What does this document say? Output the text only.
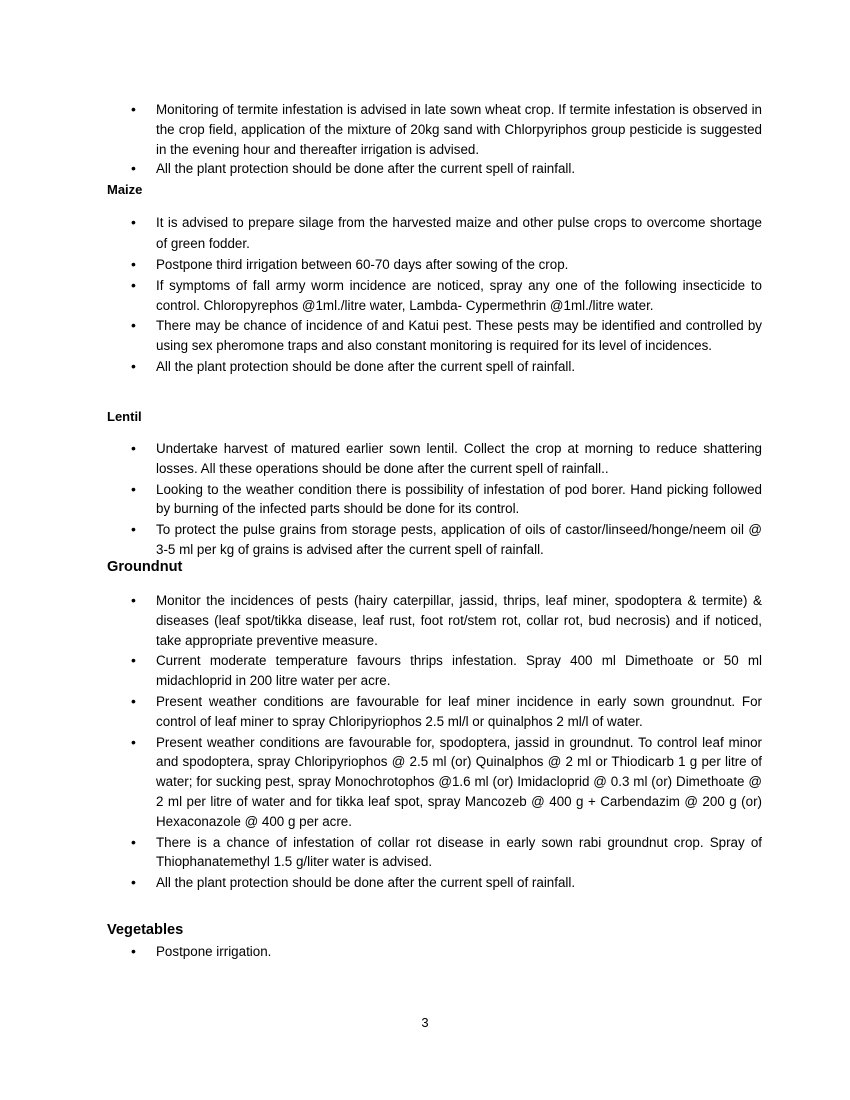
• Monitoring of termite infestation is advised in late sown wheat crop. If termite infestation is observed in the crop field, application of the mixture of 20kg sand with Chlorpyriphos group pesticide is suggested in the evening hour and thereafter irrigation is advised.
• All the plant protection should be done after the current spell of rainfall.
Maize
• It is advised to prepare silage from the harvested maize and other pulse crops to overcome shortage of green fodder.
• Postpone third irrigation between 60-70 days after sowing of the crop.
• If symptoms of fall army worm incidence are noticed, spray any one of the following insecticide to control. Chloropyrephos @1ml./litre water, Lambda- Cypermethrin @1ml./litre water.
• There may be chance of incidence of and Katui pest. These pests may be identified and controlled by using sex pheromone traps and also constant monitoring is required for its level of incidences.
• All the plant protection should be done after the current spell of rainfall.
Lentil
• Undertake harvest of matured earlier sown lentil. Collect the crop at morning to reduce shattering losses. All these operations should be done after the current spell of rainfall..
• Looking to the weather condition there is possibility of infestation of pod borer. Hand picking followed by burning of the infected parts should be done for its control.
• To protect the pulse grains from storage pests, application of oils of castor/linseed/honge/neem oil @ 3-5 ml per kg of grains is advised after the current spell of rainfall.
Groundnut
• Monitor the incidences of pests (hairy caterpillar, jassid, thrips, leaf miner, spodoptera & termite) & diseases (leaf spot/tikka disease, leaf rust, foot rot/stem rot, collar rot, bud necrosis) and if noticed, take appropriate preventive measure.
• Current moderate temperature favours thrips infestation. Spray 400 ml Dimethoate or 50 ml midachloprid in 200 litre water per acre.
• Present weather conditions are favourable for leaf miner incidence in early sown groundnut. For control of leaf miner to spray Chloripyriophos 2.5 ml/l or quinalphos 2 ml/l of water.
• Present weather conditions are favourable for, spodoptera, jassid in groundnut. To control leaf minor and spodoptera, spray Chloripyriophos @ 2.5 ml (or) Quinalphos @ 2 ml or Thiodicarb 1 g per litre of water; for sucking pest, spray Monochrotophos @1.6 ml (or) Imidacloprid @ 0.3 ml (or) Dimethoate @ 2 ml per litre of water and for tikka leaf spot, spray Mancozeb @ 400 g + Carbendazim @ 200 g (or) Hexaconazole @ 400 g per acre.
• There is a chance of infestation of collar rot disease in early sown rabi groundnut crop. Spray of Thiophanatemethyl 1.5 g/liter water is advised.
• All the plant protection should be done after the current spell of rainfall.
Vegetables
• Postpone irrigation.
3
